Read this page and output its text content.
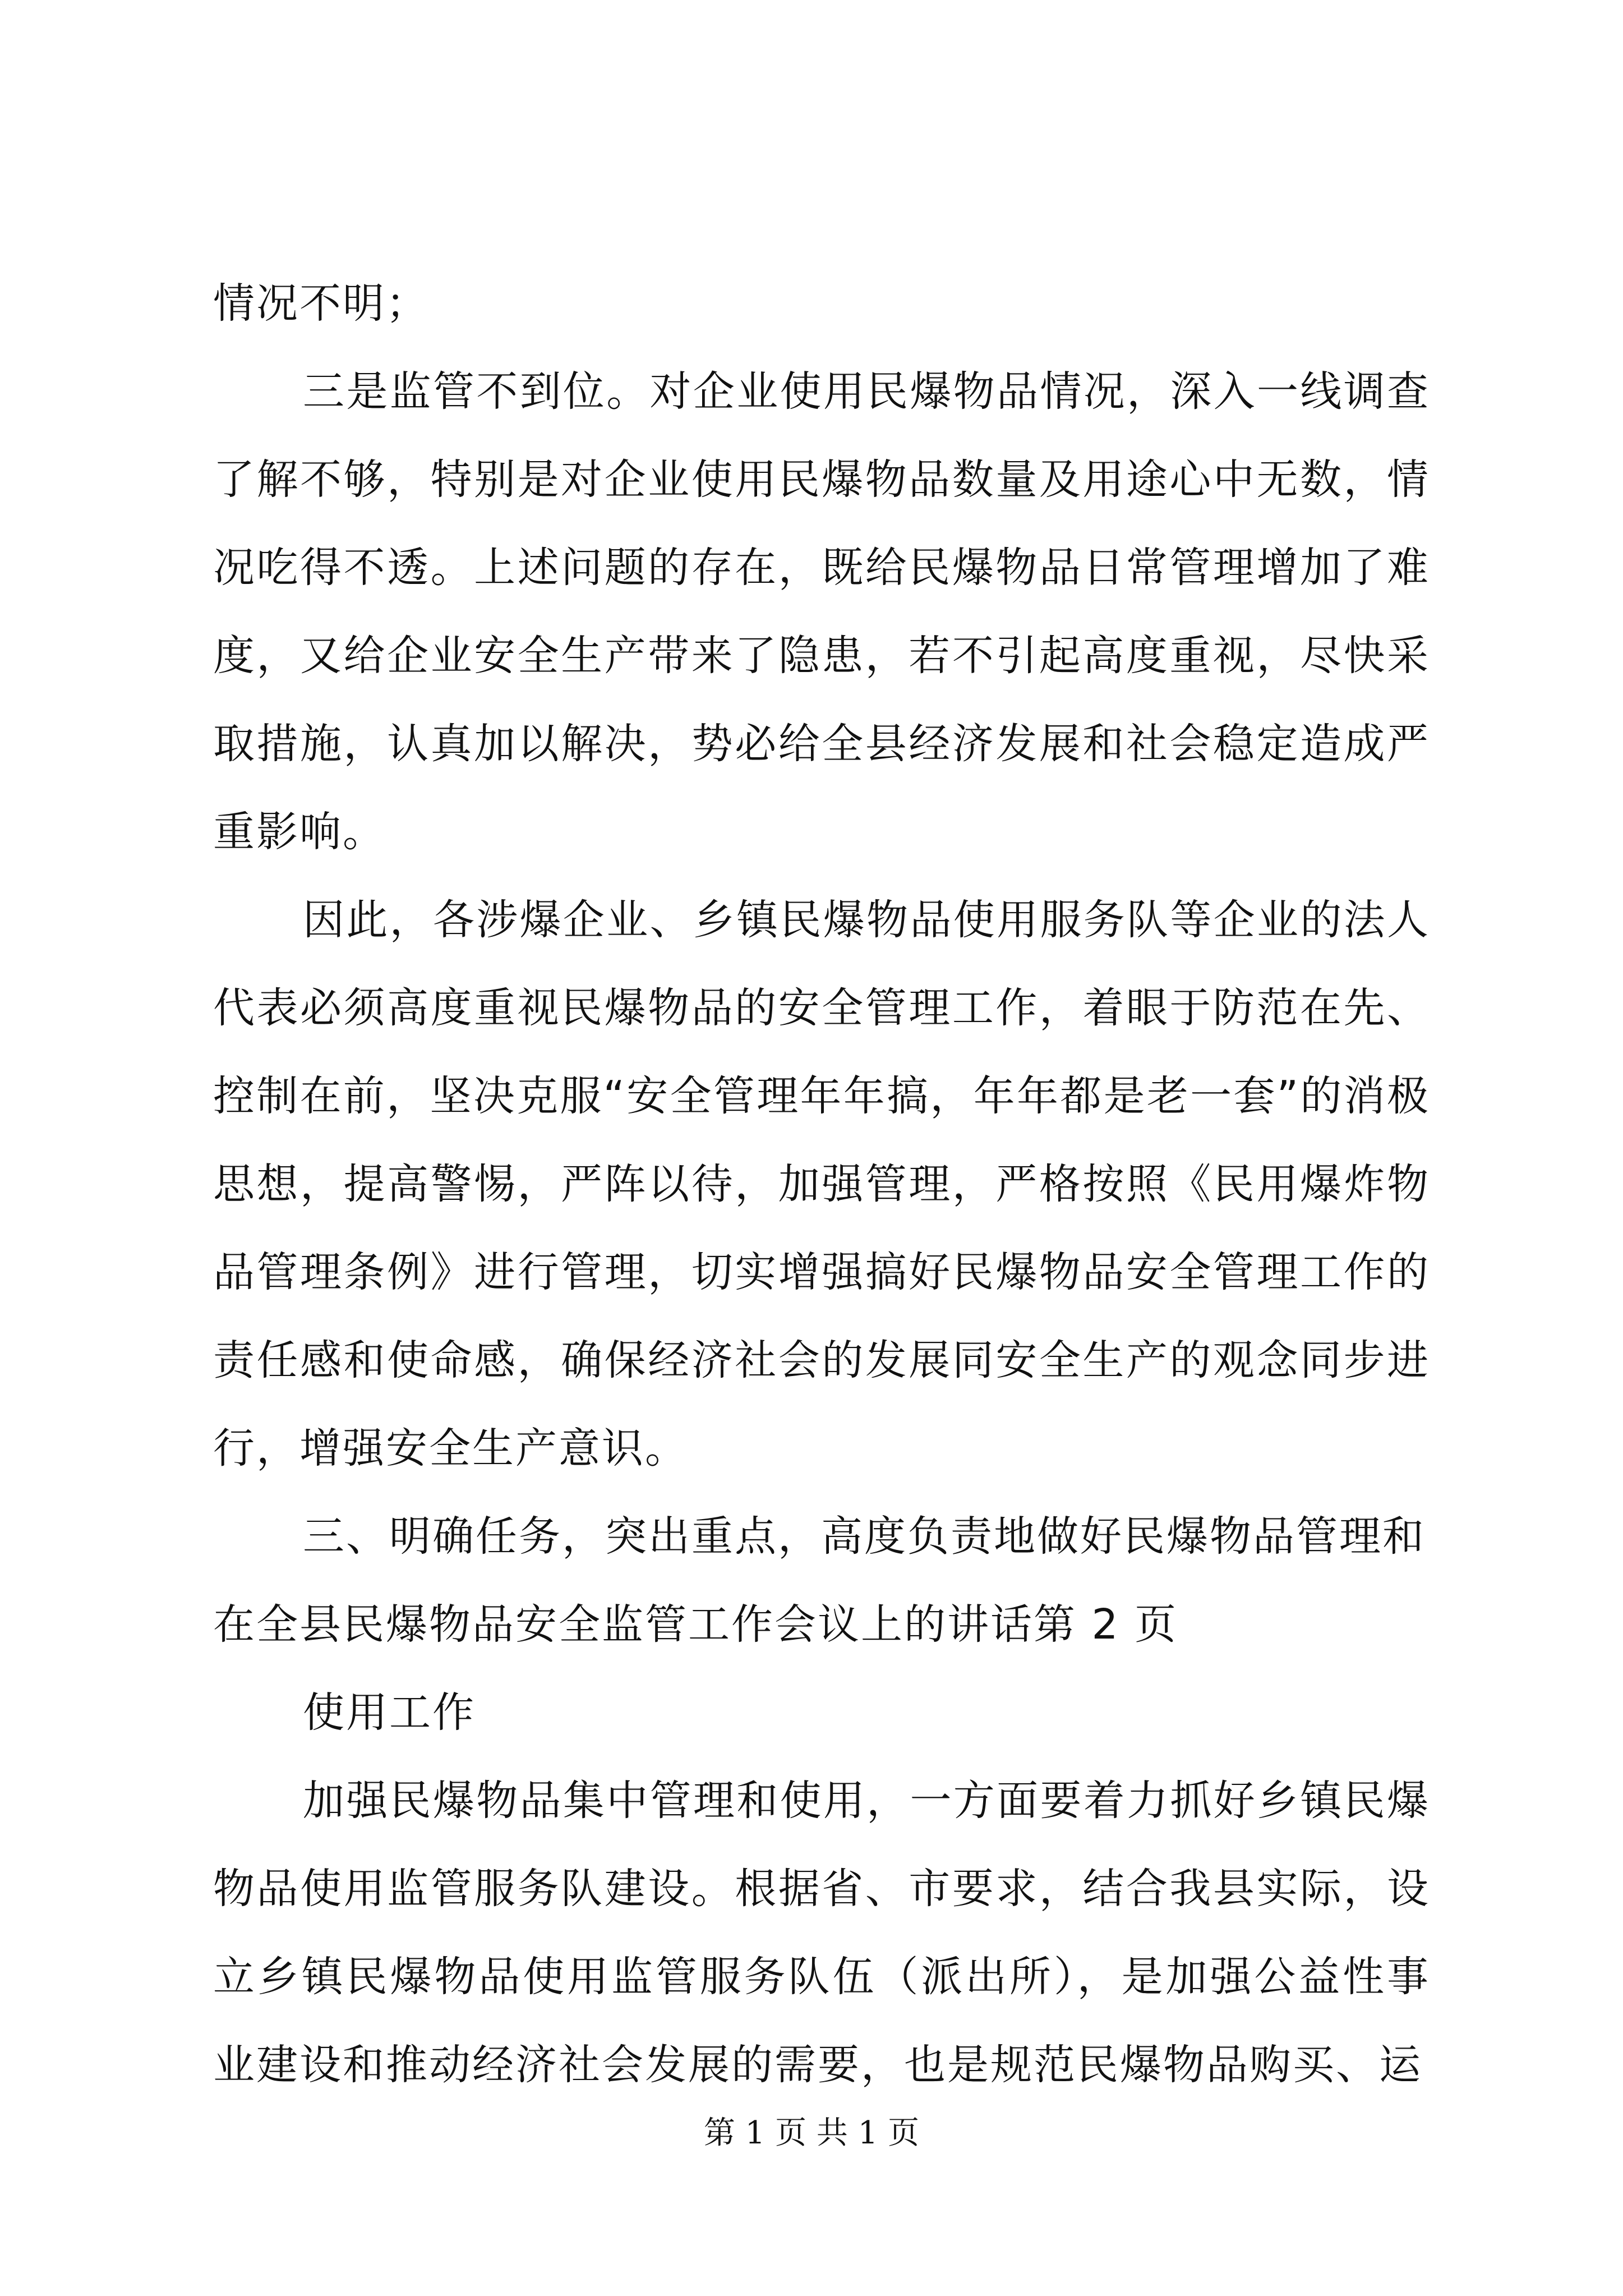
情况不明；

三是监管不到位。对企业使用民爆物品情况，深入一线调查了解不够，特别是对企业使用民爆物品数量及用途心中无数，情况吃得不透。上述问题的存在，既给民爆物品日常管理增加了难度，又给企业安全生产带来了隐患，若不引起高度重视，尽快采取措施，认真加以解决，势必给全县经济发展和社会稳定造成严重影响。

因此，各涉爆企业、乡镇民爆物品使用服务队等企业的法人代表必须高度重视民爆物品的安全管理工作，着眼于防范在先、控制在前，坚决克服“安全管理年年搞，年年都是老一套”的消极思想，提高警惕，严阵以待，加强管理，严格按照《民用爆炸物品管理条例》进行管理，切实增强搞好民爆物品安全管理工作的责任感和使命感，确保经济社会的发展同安全生产的观念同步进行，增强安全生产意识。

三、明确任务，突出重点，高度负责地做好民爆物品管理和

在全县民爆物品安全监管工作会议上的讲话第 2 页

使用工作

加强民爆物品集中管理和使用，一方面要着力抓好乡镇民爆物品使用监管服务队建设。根据省、市要求，结合我县实际，设立乡镇民爆物品使用监管服务队伍（派出所），是加强公益性事业建设和推动经济社会发展的需要，也是规范民爆物品购买、运

第 1 页 共 1 页
